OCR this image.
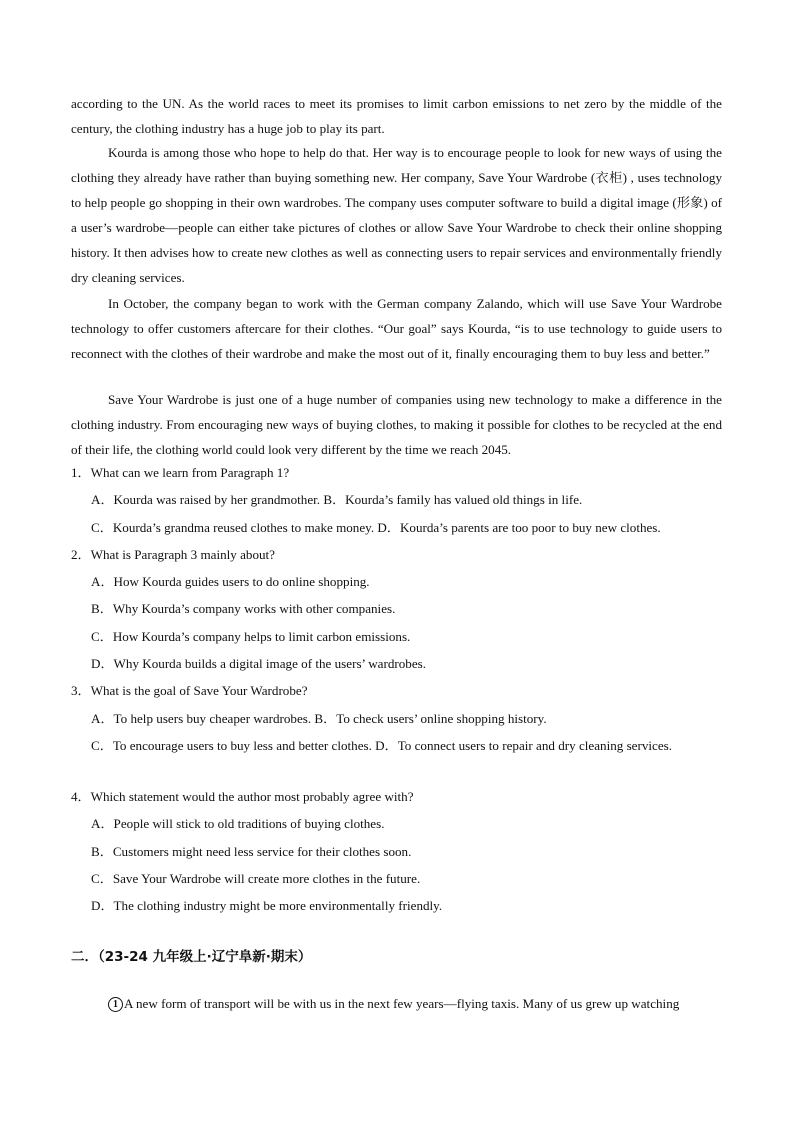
according to the UN. As the world races to meet its promises to limit carbon emissions to net zero by the middle of the century, the clothing industry has a huge job to play its part.
Kourda is among those who hope to help do that. Her way is to encourage people to look for new ways of using the clothing they already have rather than buying something new. Her company, Save Your Wardrobe (衣柜) , uses technology to help people go shopping in their own wardrobes. The company uses computer software to build a digital image (形象) of a user’s wardrobe—people can either take pictures of clothes or allow Save Your Wardrobe to check their online shopping history. It then advises how to create new clothes as well as connecting users to repair services and environmentally friendly dry cleaning services.
In October, the company began to work with the German company Zalando, which will use Save Your Wardrobe technology to offer customers aftercare for their clothes. “Our goal” says Kourda, “is to use technology to guide users to reconnect with the clothes of their wardrobe and make the most out of it, finally encouraging them to buy less and better.”
Save Your Wardrobe is just one of a huge number of companies using new technology to make a difference in the clothing industry. From encouraging new ways of buying clothes, to making it possible for clothes to be recycled at the end of their life, the clothing world could look very different by the time we reach 2045.
1．What can we learn from Paragraph 1?
A．Kourda was raised by her grandmother. B．Kourda’s family has valued old things in life.
C．Kourda’s grandma reused clothes to make money. D．Kourda’s parents are too poor to buy new clothes.
2．What is Paragraph 3 mainly about?
A．How Kourda guides users to do online shopping.
B．Why Kourda’s company works with other companies.
C．How Kourda’s company helps to limit carbon emissions.
D．Why Kourda builds a digital image of the users’ wardrobes.
3．What is the goal of Save Your Wardrobe?
A．To help users buy cheaper wardrobes. B．To check users’ online shopping history.
C．To encourage users to buy less and better clothes. D．To connect users to repair and dry cleaning services.
4．Which statement would the author most probably agree with?
A．People will stick to old traditions of buying clothes.
B．Customers might need less service for their clothes soon.
C．Save Your Wardrobe will create more clothes in the future.
D．The clothing industry might be more environmentally friendly.
二．（23-24 九年级上·辽宁阜新·期末）
1 A new form of transport will be with us in the next few years—flying taxis. Many of us grew up watching
